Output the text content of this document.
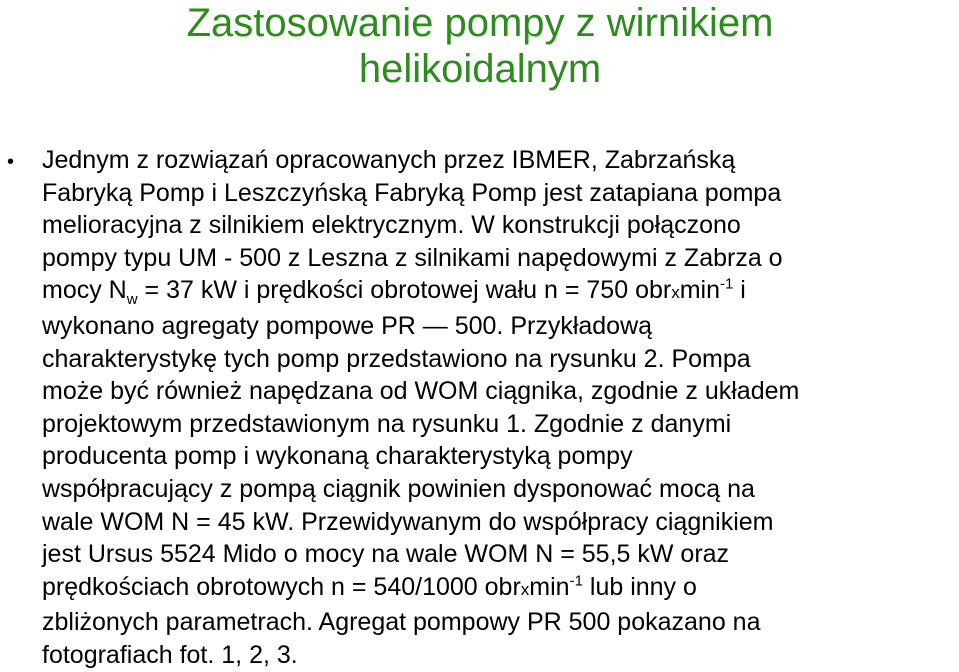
Zastosowanie pompy z wirnikiem
helikoidalnym
• Jednym z rozwiązań opracowanych przez IBMER, Zabrzańską
Fabryką Pomp i Leszczyńską Fabryką Pomp jest zatapiana pompa
melioracyjna z silnikiem elektrycznym. W konstrukcji połączono
pompy typu UM - 500 z Leszna z silnikami napędowymi z Zabrza o
mocy $N_w = 37$ kW i prędkości obrotowej wału n = 750 obrxmin$^{-1}$ i
wykonano agregaty pompowe PR — 500. Przykładową
charakterystykę tych pomp przedstawiono na rysunku 2. Pompa
może być również napędzana od WOM ciągnika, zgodnie z układem
projektowym przedstawionym na rysunku 1. Zgodnie z danymi
producenta pomp i wykonaną charakterystyką pompy
współpracujący z pompą ciągnik powinien dysponować mocą na
wale WOM N = 45 kW. Przewidywanym do współpracy ciągnikiem
jest Ursus 5524 Mido o mocy na wale WOM N = 55,5 kW oraz
prędkościach obrotowych n = 540/1000 obrxmin$^{-1}$ lub inny o
zbliżonych parametrach. Agregat pompowy PR 500 pokazano na
fotografiach fot. 1, 2, 3.
